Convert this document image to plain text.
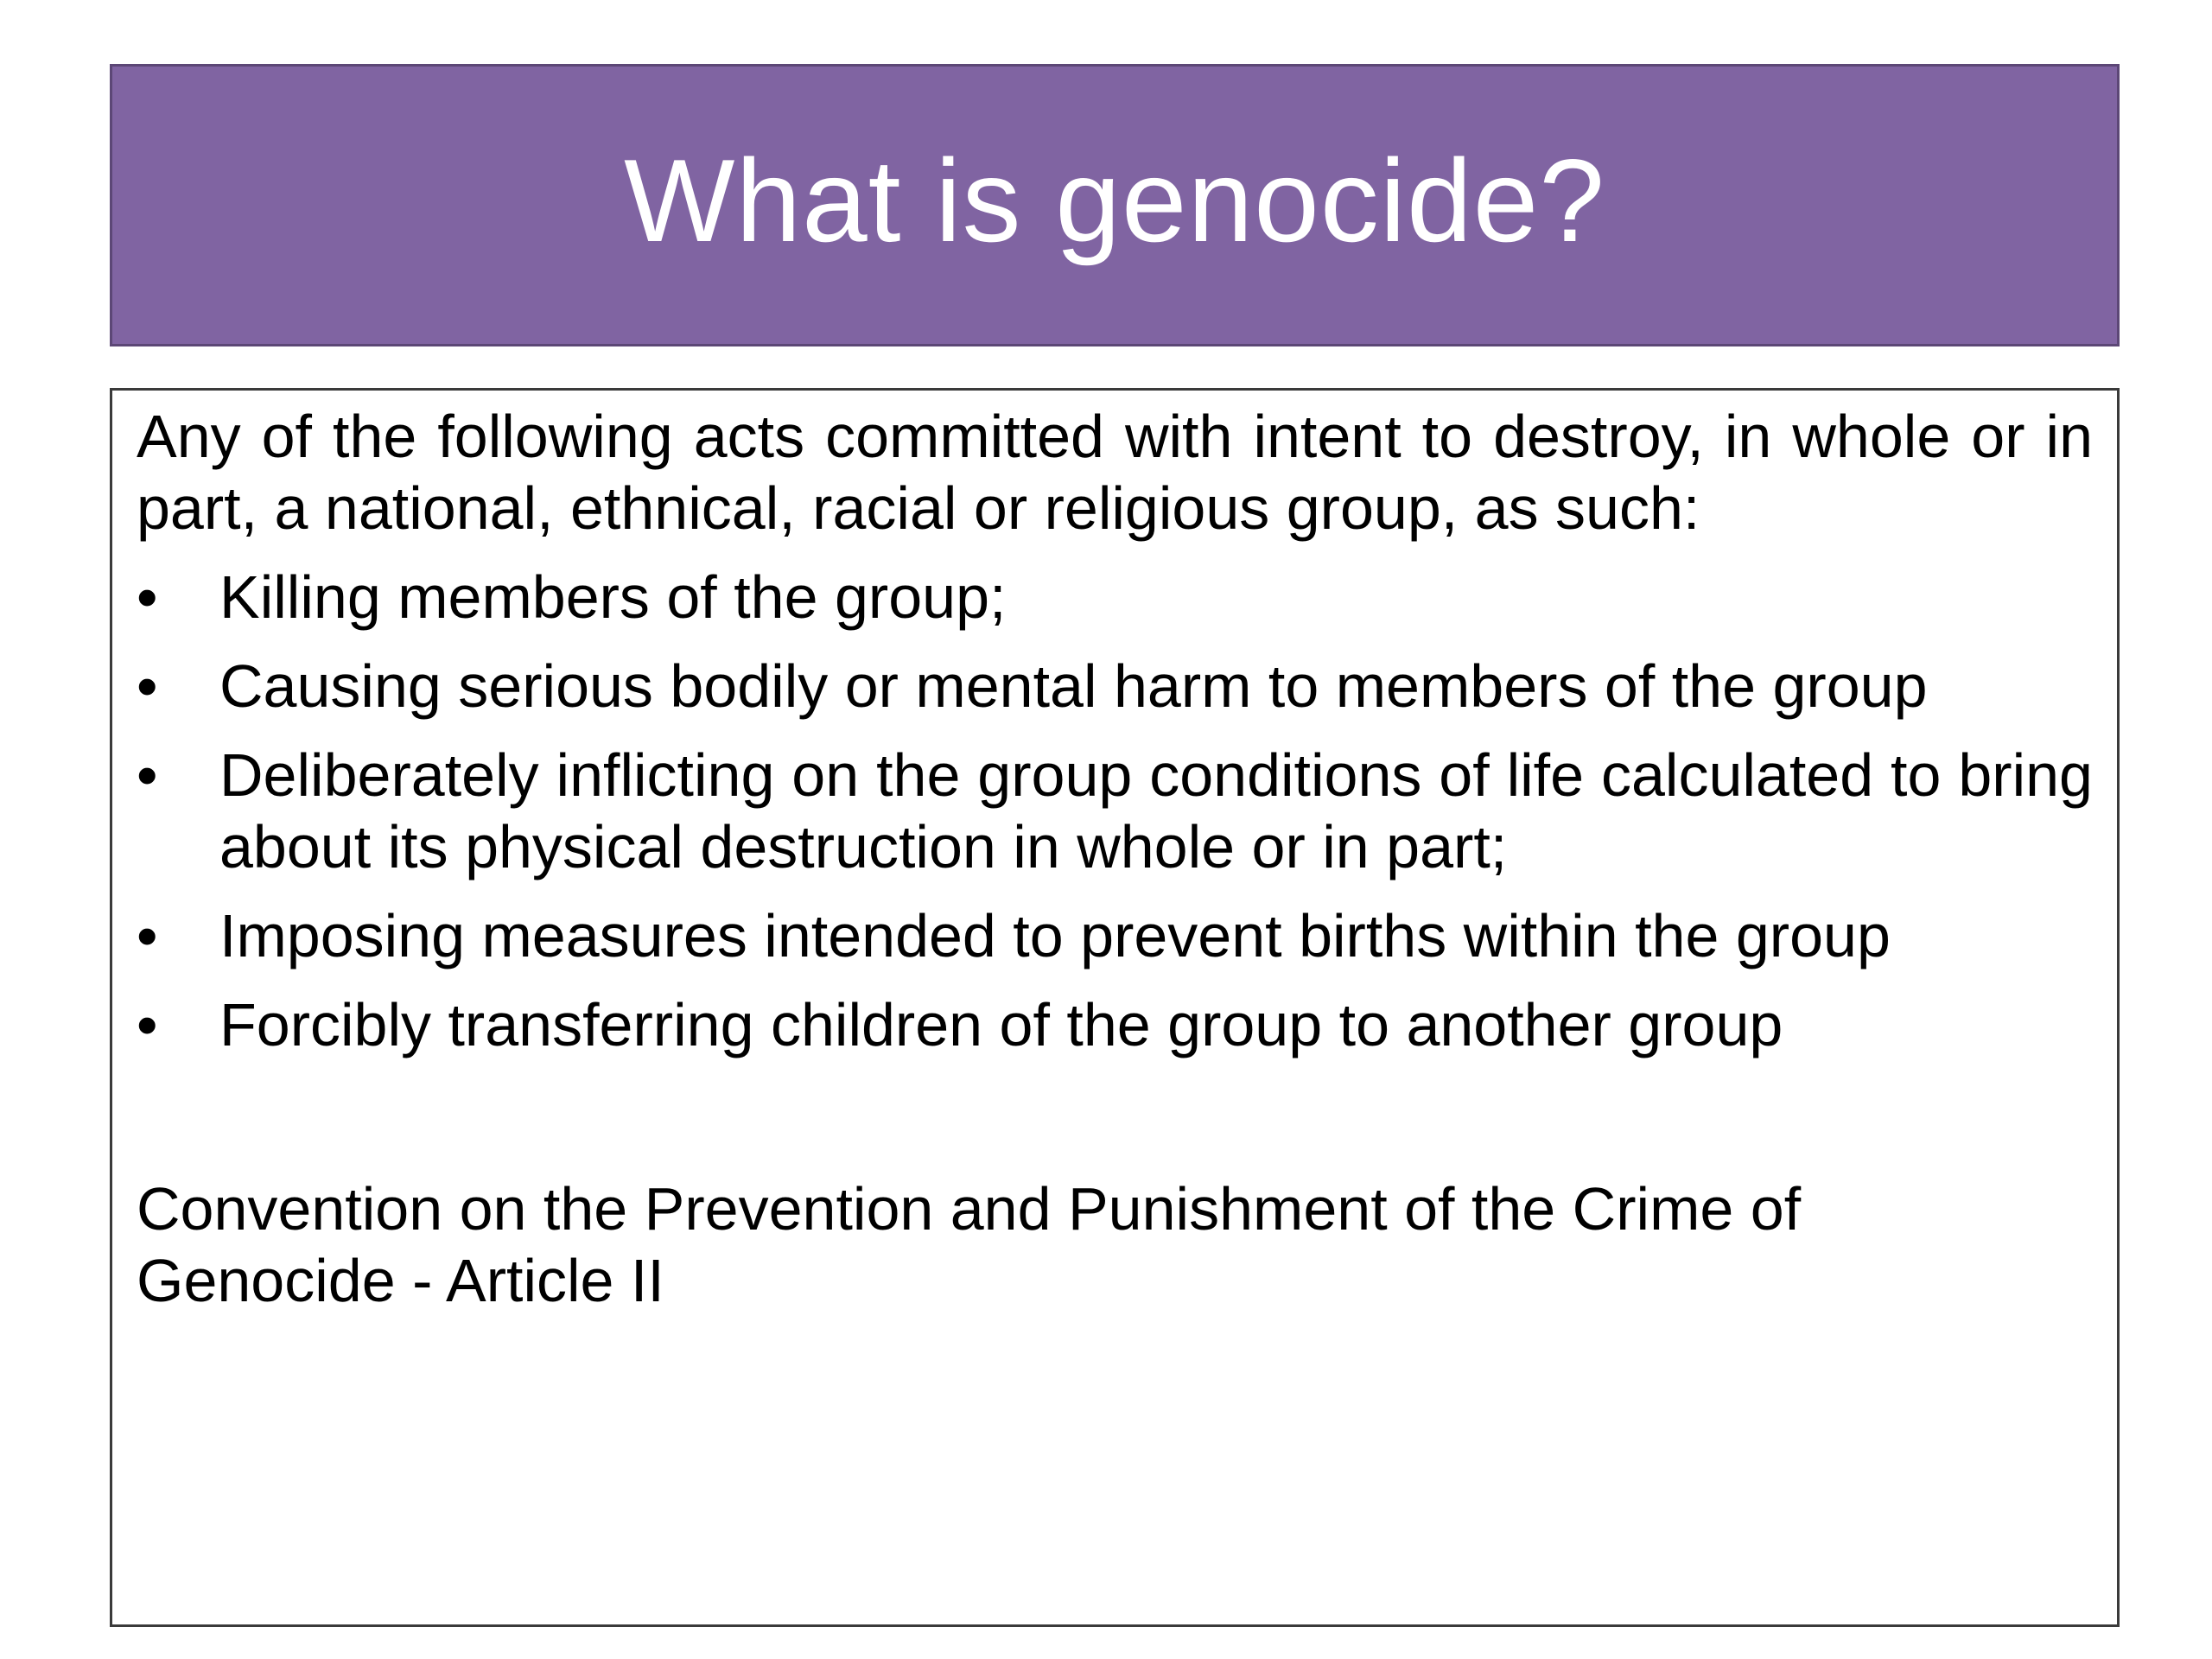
What is genocide?

Any of the following acts committed with intent to destroy, in whole or in part, a national, ethnical, racial or religious group, as such:

• Killing members of the group;
• Causing serious bodily or mental harm to members of the group
• Deliberately inflicting on the group conditions of life calculated to bring about its physical destruction in whole or in part;
• Imposing measures intended to prevent births within the group
• Forcibly transferring children of the group to another group
Convention on the Prevention and Punishment of the Crime of
Genocide - Article II
